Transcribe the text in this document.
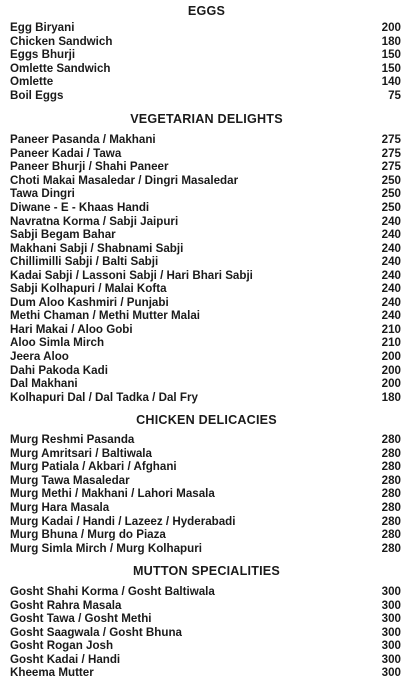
EGGS
Egg Biryani	200
Chicken Sandwich	180
Eggs Bhurji	150
Omlette Sandwich	150
Omlette	140
Boil Eggs	75
VEGETARIAN DELIGHTS
Paneer Pasanda / Makhani	275
Paneer Kadai / Tawa	275
Paneer Bhurji / Shahi Paneer	275
Choti Makai Masaledar / Dingri Masaledar	250
Tawa Dingri	250
Diwane - E - Khaas Handi	250
Navratna Korma / Sabji Jaipuri	240
Sabji Begam Bahar	240
Makhani Sabji / Shabnami Sabji	240
Chillimilli Sabji / Balti Sabji	240
Kadai Sabji / Lassoni Sabji / Hari Bhari Sabji	240
Sabji Kolhapuri / Malai Kofta	240
Dum Aloo Kashmiri / Punjabi	240
Methi Chaman / Methi Mutter Malai	240
Hari Makai / Aloo Gobi	210
Aloo Simla Mirch	210
Jeera Aloo	200
Dahi Pakoda Kadi	200
Dal Makhani	200
Kolhapuri Dal / Dal Tadka / Dal Fry	180
CHICKEN DELICACIES
Murg Reshmi Pasanda	280
Murg Amritsari / Baltiwala	280
Murg Patiala / Akbari / Afghani	280
Murg Tawa Masaledar	280
Murg Methi / Makhani / Lahori Masala	280
Murg Hara Masala	280
Murg Kadai / Handi / Lazeez / Hyderabadi	280
Murg Bhuna / Murg do Piaza	280
Murg Simla Mirch / Murg Kolhapuri	280
MUTTON SPECIALITIES
Gosht Shahi Korma / Gosht Baltiwala	300
Gosht Rahra Masala	300
Gosht Tawa / Gosht Methi	300
Gosht Saagwala / Gosht Bhuna	300
Gosht Rogan Josh	300
Gosht Kadai / Handi	300
Kheema Mutter	300
